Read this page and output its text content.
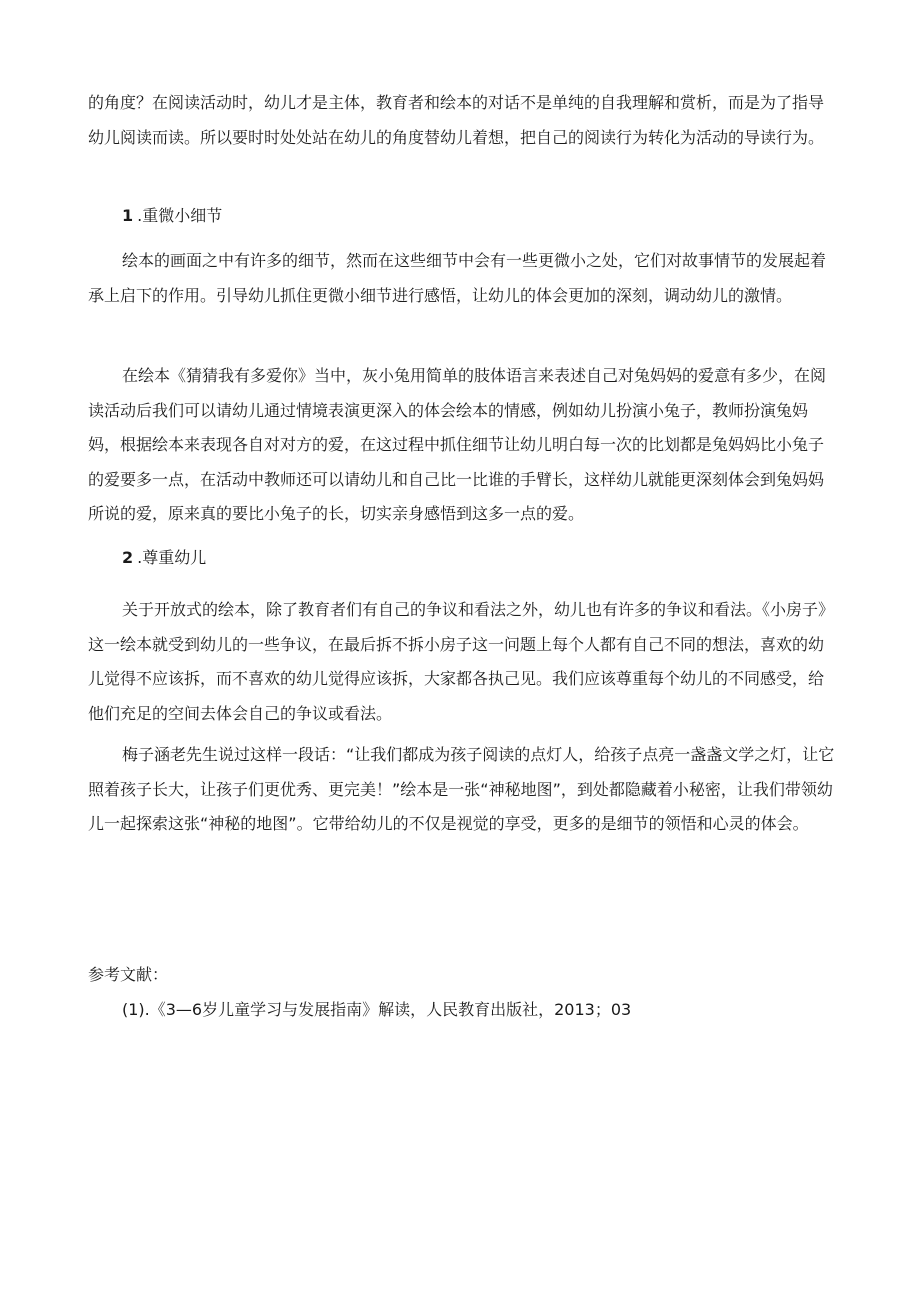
的角度？在阅读活动时，幼儿才是主体，教育者和绘本的对话不是单纯的自我理解和赏析，而是为了指导幼儿阅读而读。所以要时时处处站在幼儿的角度替幼儿着想，把自己的阅读行为转化为活动的导读行为。

1 .重微小细节

绘本的画面之中有许多的细节，然而在这些细节中会有一些更微小之处，它们对故事情节的发展起着承上启下的作用。引导幼儿抓住更微小细节进行感悟，让幼儿的体会更加的深刻，调动幼儿的激情。

在绘本《猜猜我有多爱你》当中，灰小兔用简单的肢体语言来表述自己对兔妈妈的爱意有多少，在阅读活动后我们可以请幼儿通过情境表演更深入的体会绘本的情感，例如幼儿扮演小兔子，教师扮演兔妈妈，根据绘本来表现各自对对方的爱，在这过程中抓住细节让幼儿明白每一次的比划都是兔妈妈比小兔子的爱要多一点，在活动中教师还可以请幼儿和自己比一比谁的手臂长，这样幼儿就能更深刻体会到兔妈妈所说的爱，原来真的要比小兔子的长，切实亲身感悟到这多一点的爱。

2 .尊重幼儿

关于开放式的绘本，除了教育者们有自己的争议和看法之外，幼儿也有许多的争议和看法。《小房子》这一绘本就受到幼儿的一些争议，在最后拆不拆小房子这一问题上每个人都有自己不同的想法，喜欢的幼儿觉得不应该拆，而不喜欢的幼儿觉得应该拆，大家都各执己见。我们应该尊重每个幼儿的不同感受，给他们充足的空间去体会自己的争议或看法。

梅子涵老先生说过这样一段话：“让我们都成为孩子阅读的点灯人，给孩子点亮一盏盏文学之灯，让它照着孩子长大，让孩子们更优秀、更完美！”绘本是一张“神秘地图”，到处都隐藏着小秘密，让我们带领幼儿一起探索这张“神秘的地图”。它带给幼儿的不仅是视觉的享受，更多的是细节的领悟和心灵的体会。

参考文献：

(1).《3—6岁儿童学习与发展指南》解读，人民教育出版社，2013；03
